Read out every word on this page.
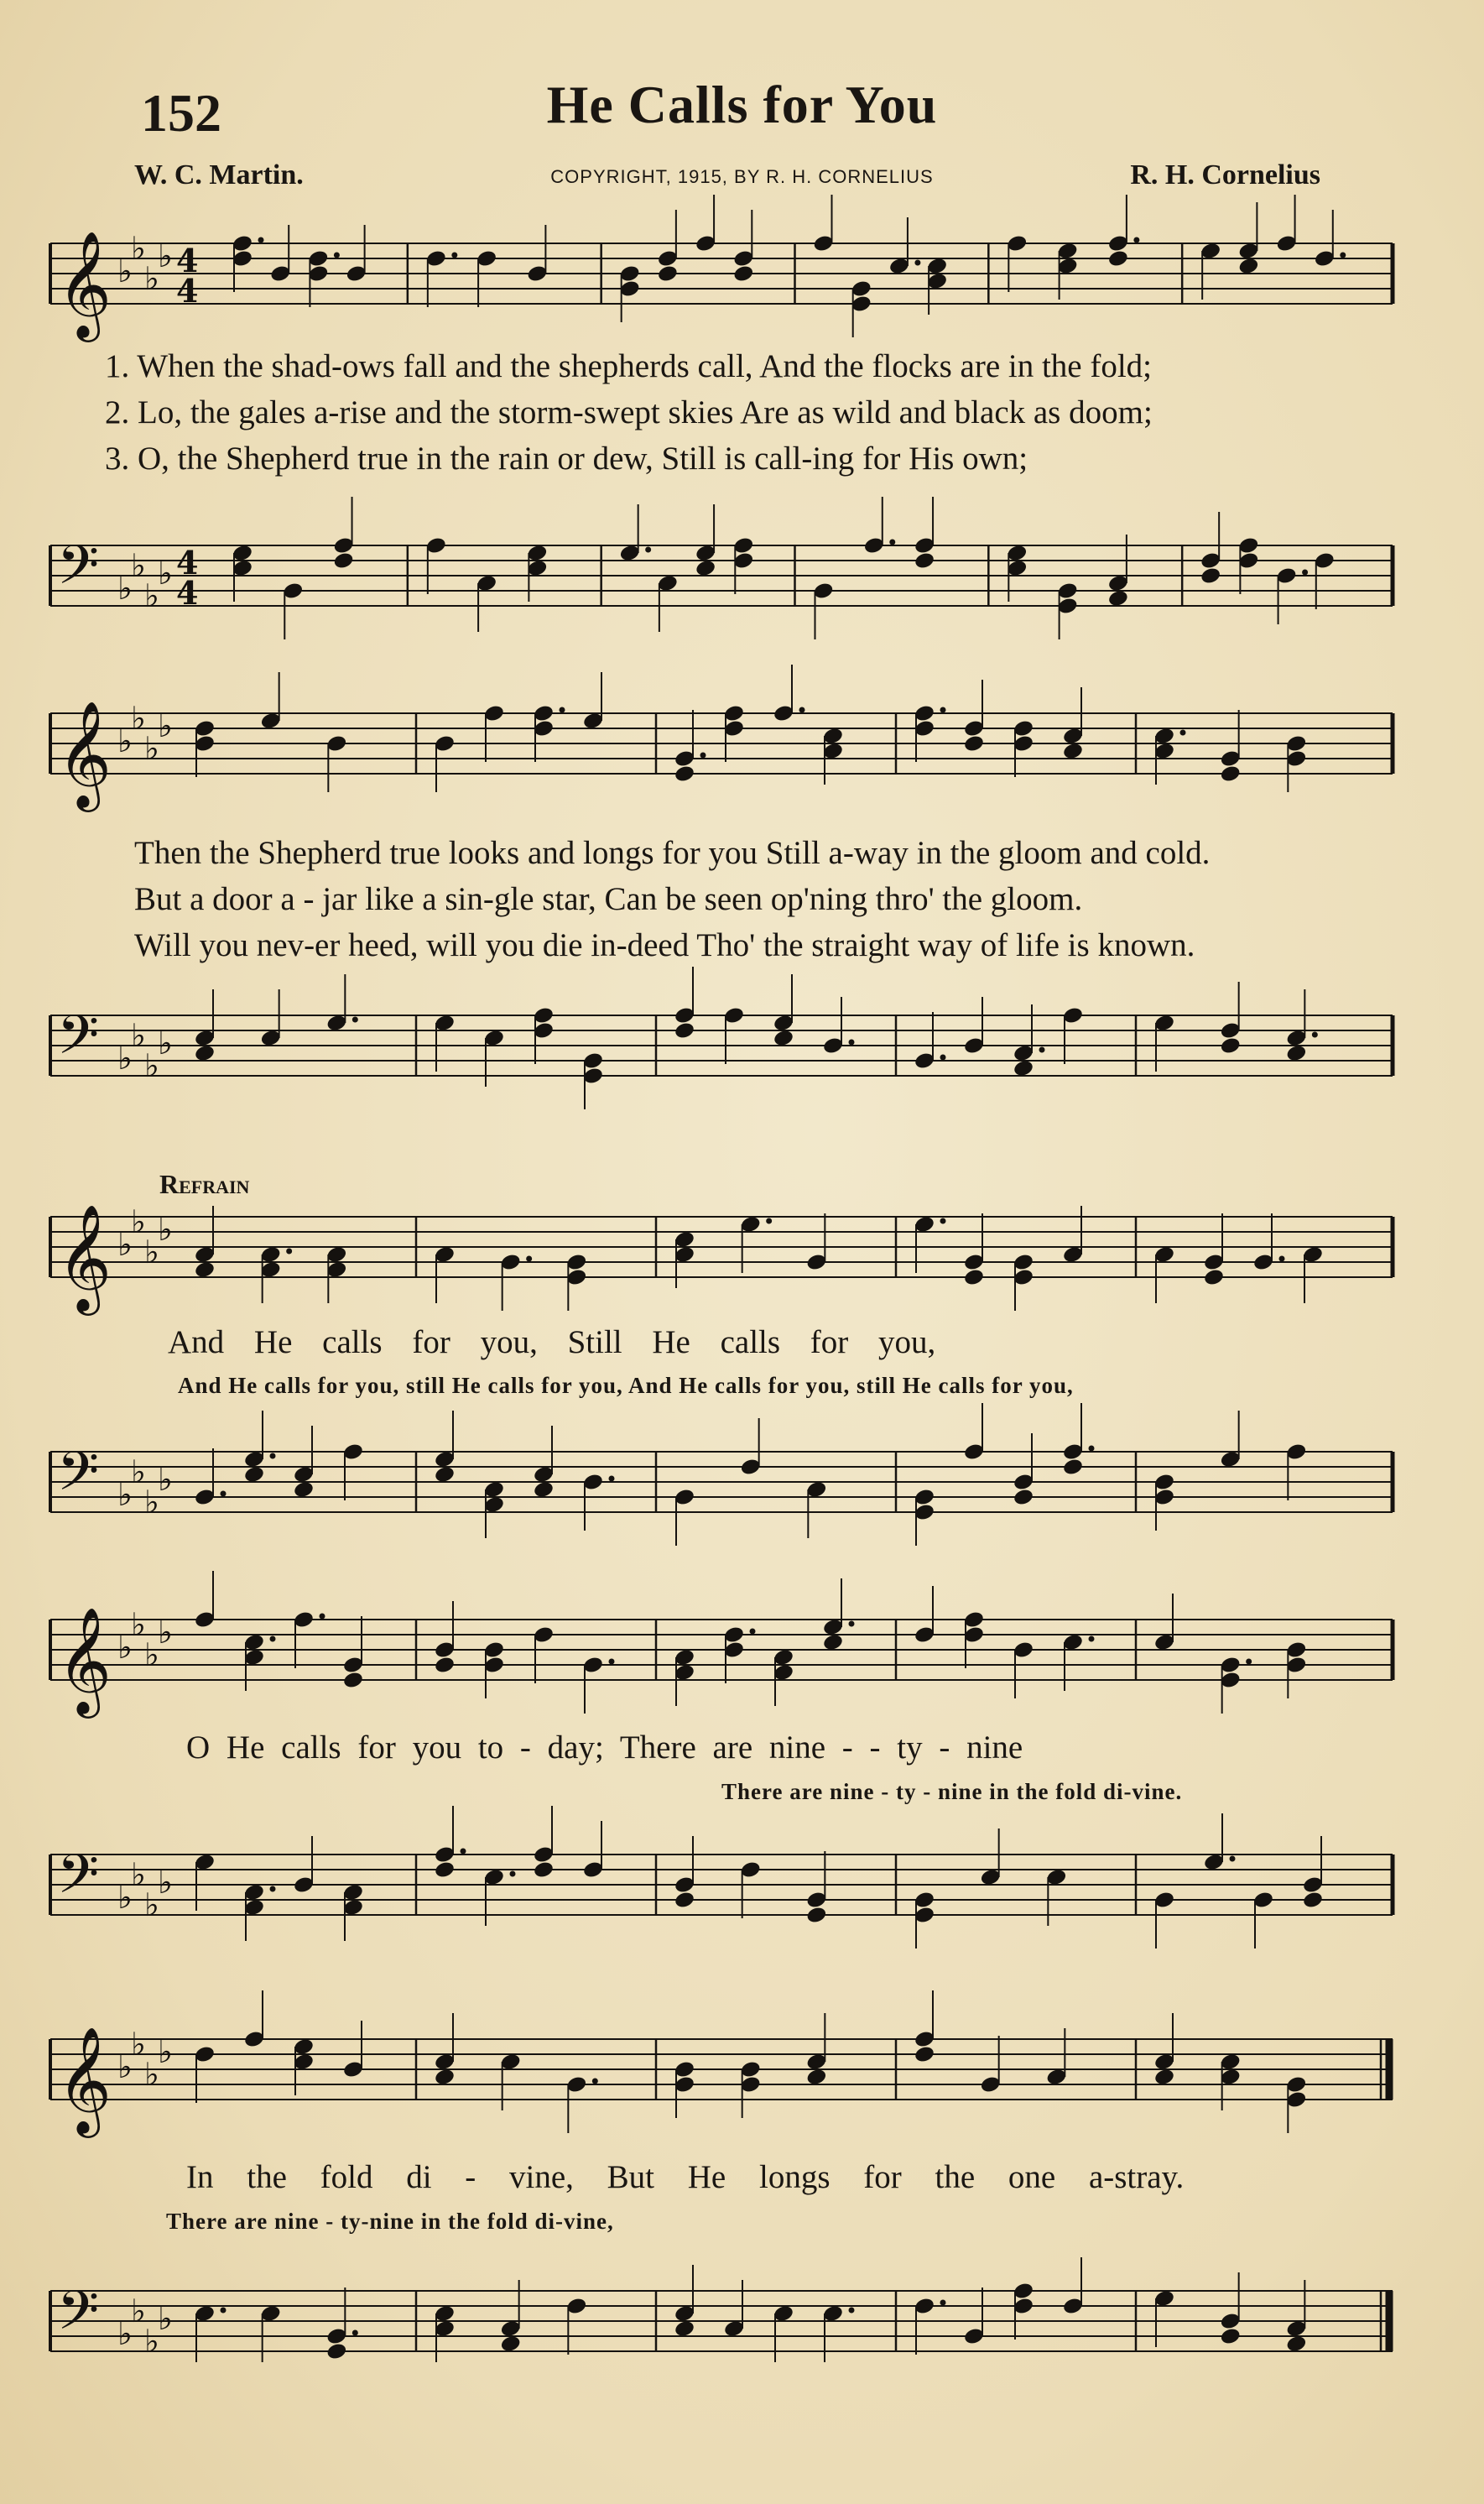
152	He Calls for You
W. C. Martin.	COPYRIGHT, 1915, BY R. H. CORNELIUS	R. H. Cornelius
𝄞 ♭
♭
♭
♭ 4
4
1. When the shad-ows fall and the shepherds call, And the flocks are in the fold;
2. Lo, the gales a-rise and the storm-swept skies Are as wild and black as doom;
3. O, the Shepherd true in the rain or dew, Still is call-ing for His own;
𝄢 ♭
♭
♭
♭ 4
4
𝄞 ♭
♭
♭
♭
Then the Shepherd true looks and longs for you Still a-way in the gloom and cold.
But a door a - jar like a sin-gle star, Can be seen op'ning thro' the gloom.
Will you nev-er heed, will you die in-deed Tho' the straight way of life is known.
𝄢 ♭
♭
♭
♭
Refrain
𝄞 ♭
♭
♭
♭
And He calls for you, Still He calls for you,
And He calls for you, still He calls for you, And He calls for you, still He calls for you,
𝄢 ♭
♭
♭
♭
𝄞 ♭
♭
♭
♭
O He calls for you to - day; There are nine - - ty - nine
There are nine - ty - nine in the fold di-vine.
𝄢 ♭
♭
♭
♭
𝄞 ♭
♭
♭
♭
In the fold di - vine, But He longs for the one a-stray.
There are nine - ty-nine in the fold di-vine,
𝄢 ♭
♭
♭
♭
